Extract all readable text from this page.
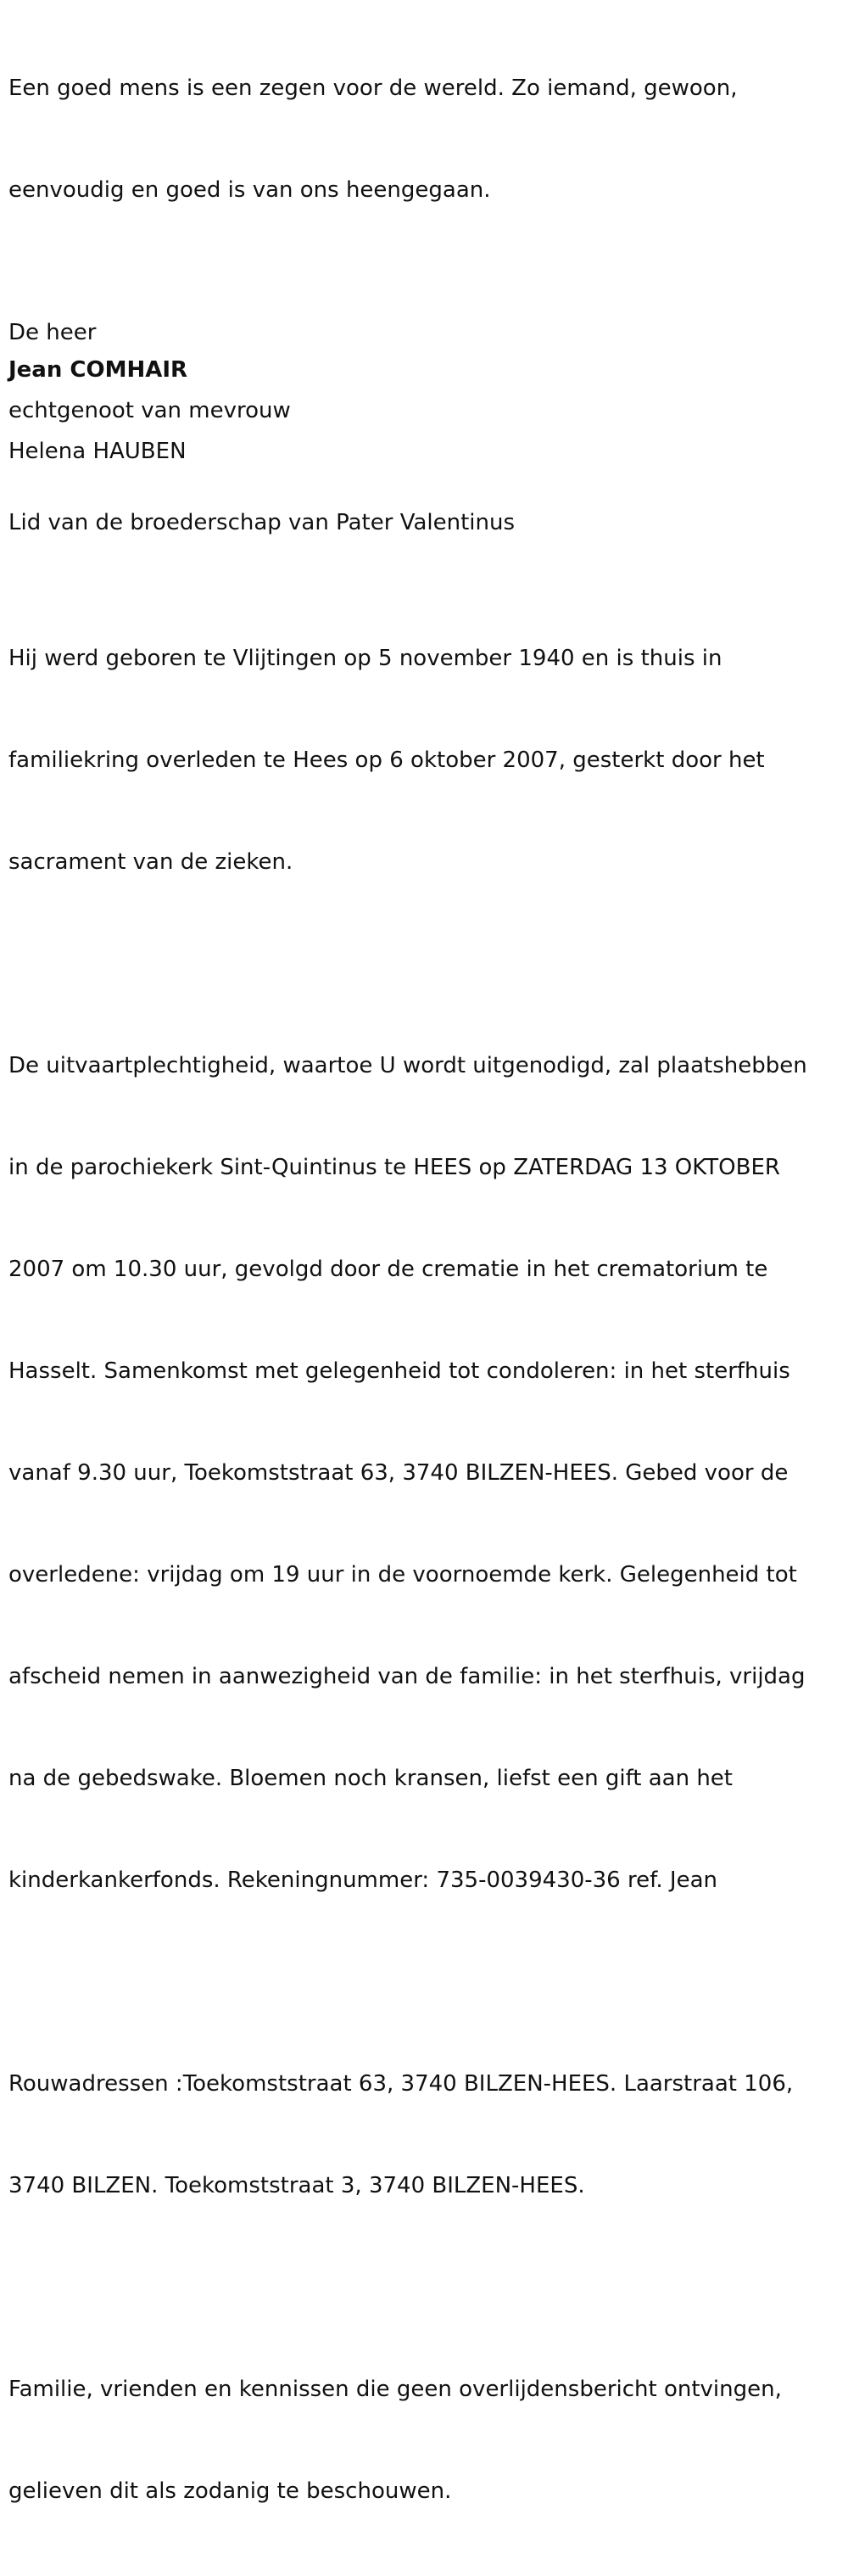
Een goed mens is een zegen voor de wereld. Zo iemand, gewoon,

eenvoudig en goed is van ons heengegaan.

De heer

Jean COMHAIR

echtgenoot van mevrouw

Helena HAUBEN

Lid van de broederschap van Pater Valentinus

Hij werd geboren te Vlijtingen op 5 november 1940 en is thuis in

familiekring overleden te Hees op 6 oktober 2007, gesterkt door het

sacrament van de zieken.

De uitvaartplechtigheid, waartoe U wordt uitgenodigd, zal plaatshebben

in de parochiekerk Sint-Quintinus te HEES op ZATERDAG 13 OKTOBER

2007 om 10.30 uur, gevolgd door de crematie in het crematorium te

Hasselt. Samenkomst met gelegenheid tot condoleren: in het sterfhuis

vanaf 9.30 uur, Toekomststraat 63, 3740 BILZEN-HEES. Gebed voor de

overledene: vrijdag om 19 uur in de voornoemde kerk. Gelegenheid tot

afscheid nemen in aanwezigheid van de familie: in het sterfhuis, vrijdag

na de gebedswake. Bloemen noch kransen, liefst een gift aan het

kinderkankerfonds. Rekeningnummer: 735-0039430-36 ref. Jean

Rouwadressen :Toekomststraat 63, 3740 BILZEN-HEES. Laarstraat 106,

3740 BILZEN. Toekomststraat 3, 3740 BILZEN-HEES.

Familie, vrienden en kennissen die geen overlijdensbericht ontvingen,

gelieven dit als zodanig te beschouwen.
